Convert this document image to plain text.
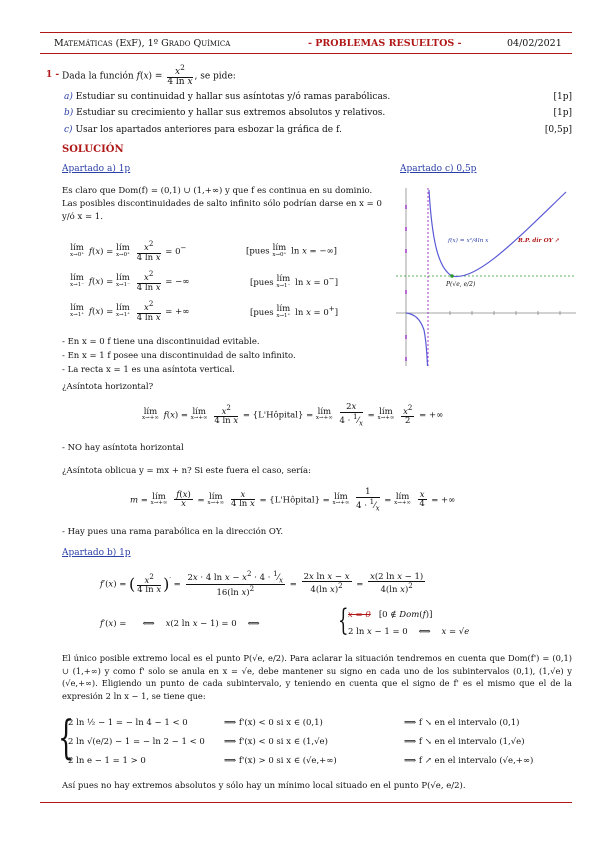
Matemáticas (ExF), 1º Grado Química	- PROBLEMAS RESUELTOS -	04/02/2021
1 - Dada la función $f(x) = \frac{x^2}{\text{4 ln x}}$ , se pide:
a) Estudiar su continuidad y hallar sus asíntotas y/ó ramas parabólicas.	[1p]
b) Estudiar su crecimiento y hallar sus extremos absolutos y relativos.	[1p]
c) Usar los apartados anteriores para esbozar la gráfica de f.	[0,5p]
SOLUCIÓN
Apartado a) 1p	Apartado c) 0,5p
Es claro que Dom(f) = (0,1) ∪ (1,+∞) y que f es continua en su dominio. Las posibles discontinuidades de salto infinito sólo podrían darse en x = 0 y/ó x = 1.
lím
x→0⁺ f(x) = lím
x→0⁺
$\frac{x^2}{\text{4 ln x}} = 0^-$	[pues lím
x→0⁺ ln x = −∞]
lím
x→1⁻ f(x) = lím
x→1⁻
$\frac{x^2}{\text{4 ln x}}$ = −∞	[pues lím
x→1⁻ ln x = 0−]
lím
x→1⁺ f(x) = lím
x→1⁺
$\frac{x^2}{\text{4 ln x}}$ = +∞	[pues lím
x→1⁺ ln x = 0+]
- En x = 0 f tiene una discontinuidad evitable.
- En x = 1 f posee una discontinuidad de salto infinito.
- La recta x = 1 es una asíntota vertical.
¿Asíntota horizontal?
lím
x→+∞ f(x) = lím
x→+∞
$\frac{x^2}{\text{4 ln x}}$ = {L'Hôpital} = lím
x→+∞
$\frac{2x}{4 \cdot ^1⁄_x}$ = lím
x→+∞
$\frac{x^2}{2}$ = +∞
- NO hay asíntota horizontal
¿Asíntota oblicua y = mx + n? Si este fuera el caso, sería:
m = lím
x→+∞
$\frac{f(x)}{x}$ = lím
x→+∞
$\frac{x}{\text{4 ln x}}$ = {L'Hôpital} = lím
x→+∞
$\frac{1}{4 \cdot ^1⁄_x}$ = lím
x→+∞
$\frac{x}{4}$ = +∞
- Hay pues una rama parabólica en la dirección OY.
Apartado b) 1p
f′(x) = ( $\frac{x^2}{\text{4 ln x}} )' = \frac{2x \cdot 4 \ln x - x^2 \cdot 4 \cdot ^1⁄_x}{16(\ln x)^2} = \frac{\text{2x ln x − x}}{4(\ln x)^2} = \frac{\text{x(2 ln x − 1)}}{4(\ln x)^2}$
f′(x) =      ⟺    x(2 ln x − 1) = 0    ⟺	{ x = 0   [0 ∉ Dom(f)]
2 ln x − 1 = 0    ⟺    x = √e
El único posible extremo local es el punto P(√e, e/2). Para aclarar la situación tendremos en cuenta que Dom(f') = (0,1) ∪ (1,+∞) y como f' solo se anula en x = √e, debe mantener su signo en cada uno de los subintervalos (0,1), (1,√e) y (√e,+∞). Eligiendo un punto de cada subintervalo, y teniendo en cuenta que el signo de f' es el mismo que el de la expresión 2 ln x − 1, se tiene que:
{
2 ln ½ − 1 = − ln 4 − 1 < 0	⟹ f'(x) < 0 si x ∈ (0,1)	⟹ f ↘ en el intervalo (0,1)
2 ln √(e/2) − 1 = − ln 2 − 1 < 0 ⟹ f'(x) < 0 si x ∈ (1,√e)	⟹ f ↘ en el intervalo (1,√e)
2 ln e − 1 = 1 > 0	⟹ f'(x) > 0 si x ∈ (√e,+∞)	⟹ f ↗ en el intervalo (√e,+∞)
Así pues no hay extremos absolutos y sólo hay un mínimo local situado en el punto P(√e, e/2).
P(√e, e/2)
f(x) = x²/4ln x	R.P. dir OY ↗
